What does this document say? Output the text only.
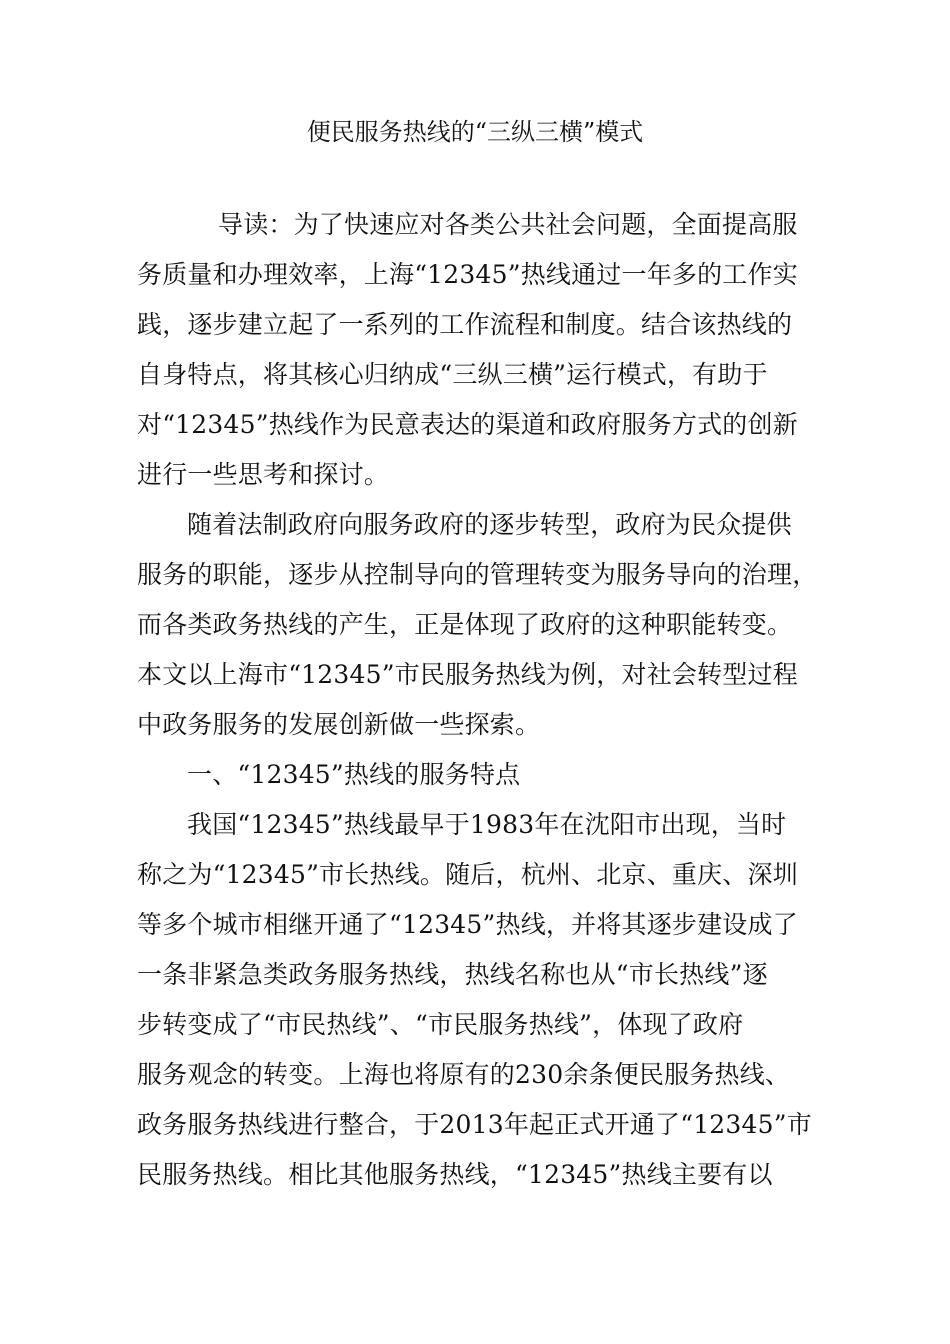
便民服务热线的“三纵三横”模式
导读：为了快速应对各类公共社会问题，全面提高服
务质量和办理效率，上海“12345”热线通过一年多的工作实
践，逐步建立起了一系列的工作流程和制度。结合该热线的
自身特点，将其核心归纳成“三纵三横”运行模式，有助于
对“12345”热线作为民意表达的渠道和政府服务方式的创新
进行一些思考和探讨。
随着法制政府向服务政府的逐步转型，政府为民众提供
服务的职能，逐步从控制导向的管理转变为服务导向的治理，
而各类政务热线的产生，正是体现了政府的这种职能转变。
本文以上海市“12345”市民服务热线为例，对社会转型过程
中政务服务的发展创新做一些探索。
一、“12345”热线的服务特点
我国“12345”热线最早于1983年在沈阳市出现，当时
称之为“12345”市长热线。随后，杭州、北京、重庆、深圳
等多个城市相继开通了“12345”热线，并将其逐步建设成了
一条非紧急类政务服务热线，热线名称也从“市长热线”逐
步转变成了“市民热线”、“市民服务热线”，体现了政府
服务观念的转变。上海也将原有的230余条便民服务热线、
政务服务热线进行整合，于2013年起正式开通了“12345”市
民服务热线。相比其他服务热线，“12345”热线主要有以
